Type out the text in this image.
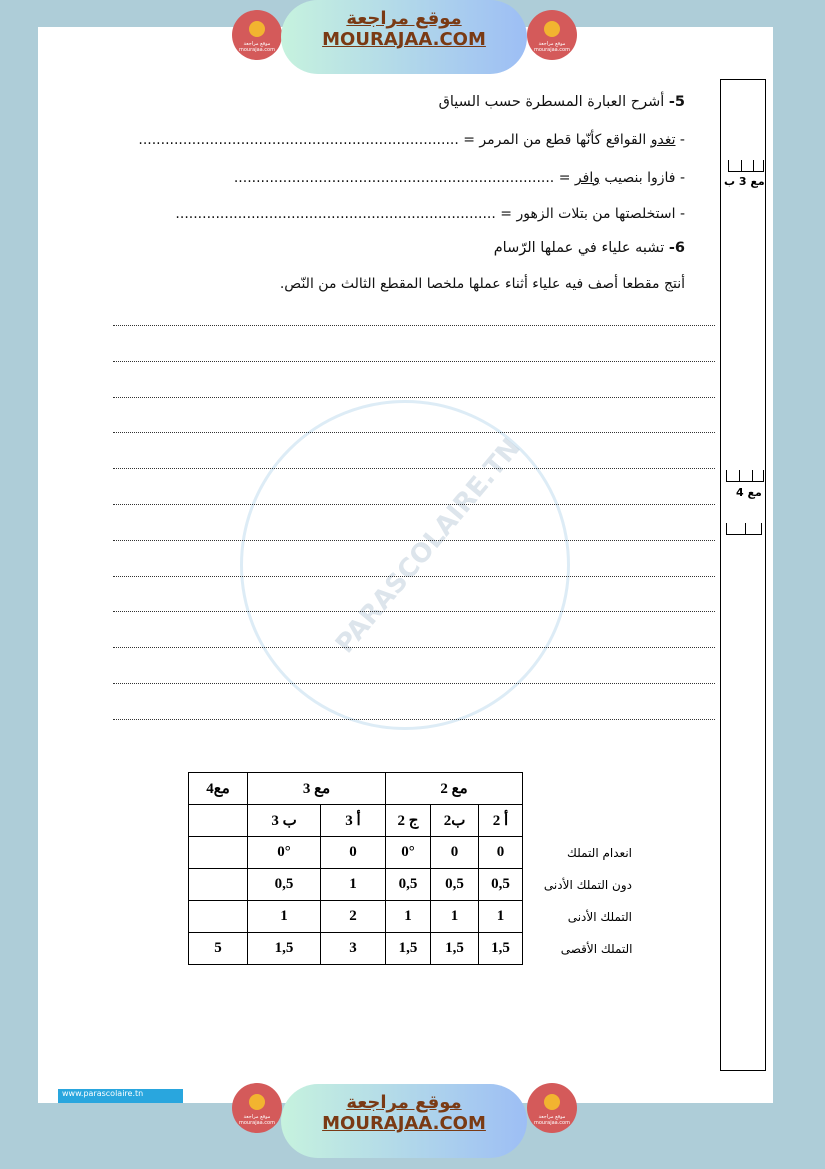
PARASCOLAIRE.TN
موقع مراجعة mourajaa.com
موقع مراجعة
MOURAJAA.COM	موقع مراجعة mourajaa.com
5- أشرح العبارة المسطرة حسب السياق
- تغدو القواقع كأنّها قطع من المرمر = ........................................................................
- فازوا بنصيب وافر = ........................................................................
- استخلصتها من بتلات الزهور = ........................................................................
6- تشبه علياء في عملها الرّسام
أنتج مقطعا أصف فيه علياء أثناء عملها ملخصا المقطع الثالث من النّص.
مع 3 ب
مع 4
مع4	مع 3		مع 2			
	3 ب	3 أ	2 ج	2ب	2 أ	
	0°	0	0°	0	0	انعدام التملك
	0,5	1	0,5	0,5	0,5	دون التملك الأدنى
	1	2	1	1	1	التملك الأدنى
5	1,5	3	1,5	1,5	1,5	التملك الأقصى
www.parascolaire.tn
موقع مراجعة mourajaa.com
موقع مراجعة
MOURAJAA.COM	موقع مراجعة mourajaa.com
